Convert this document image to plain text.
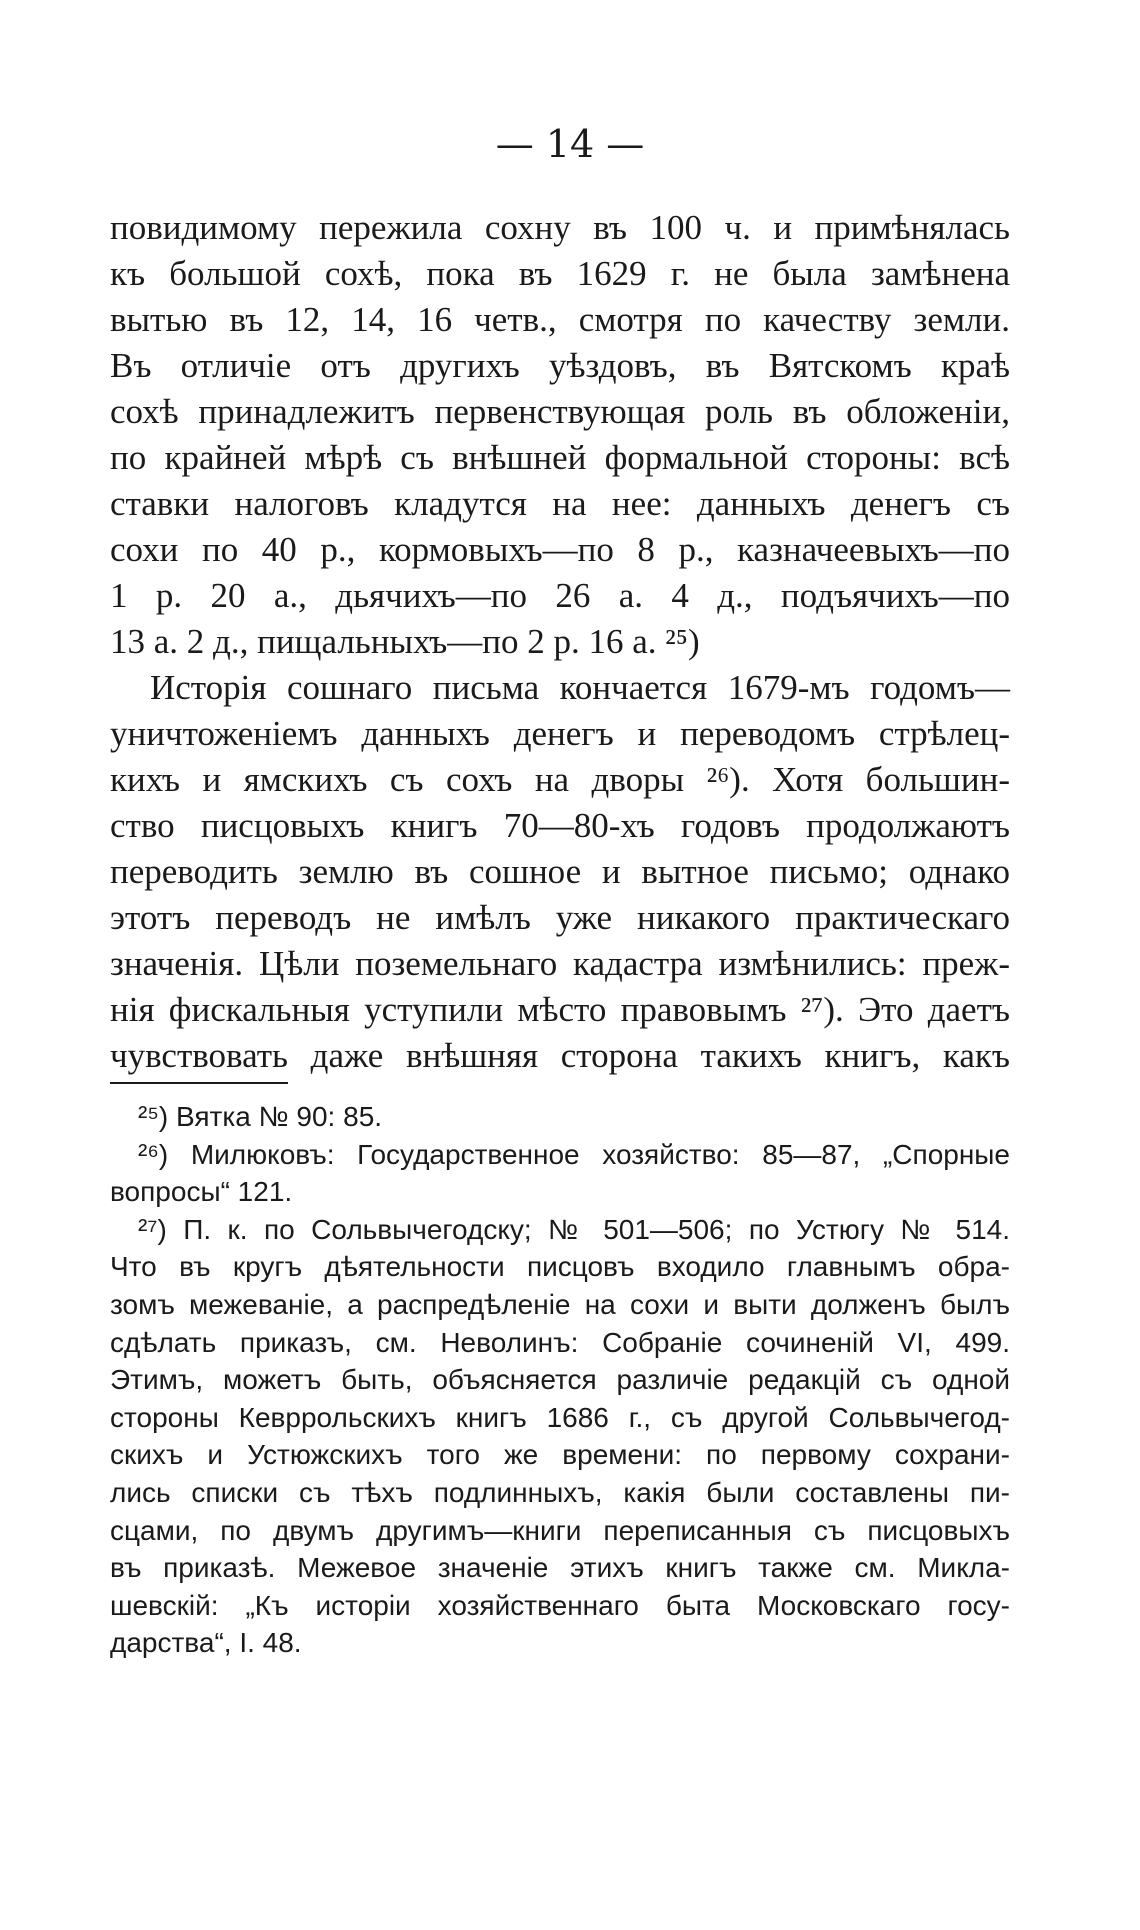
— 14 —
повидимому пережила сохну въ 100 ч. и примѣнялась
къ большой сохѣ, пока въ 1629 г. не была замѣнена
вытью въ 12, 14, 16 четв., смотря по качеству земли.
Въ отличіе отъ другихъ уѣздовъ, въ Вятскомъ краѣ
сохѣ принадлежитъ первенствующая роль въ обложеніи,
по крайней мѣрѣ съ внѣшней формальной стороны: всѣ
ставки налоговъ кладутся на нее: данныхъ денегъ съ
сохи по 40 р., кормовыхъ—по 8 р., казначеевыхъ—по
1 р. 20 а., дьячихъ—по 26 а. 4 д., подъячихъ—по
13 а. 2 д., пищальныхъ—по 2 р. 16 а. ²⁵)
Исторія сошнаго письма кончается 1679-мъ годомъ—
уничтоженіемъ данныхъ денегъ и переводомъ стрѣлец-
кихъ и ямскихъ съ сохъ на дворы ²⁶). Хотя большин-
ство писцовыхъ книгъ 70—80-хъ годовъ продолжаютъ
переводить землю въ сошное и вытное письмо; однако
этотъ переводъ не имѣлъ уже никакого практическаго
значенія. Цѣли поземельнаго кадастра измѣнились: преж-
нія фискальныя уступили мѣсто правовымъ ²⁷). Это даетъ
чувствовать даже внѣшняя сторона такихъ книгъ, какъ
²⁵) Вятка № 90: 85.
²⁶) Милюковъ: Государственное хозяйство: 85—87, „Спорные
вопросы“ 121.
²⁷) П. к. по Сольвычегодску; № 501—506; по Устюгу № 514.
Что въ кругъ дѣятельности писцовъ входило главнымъ обра-
зомъ межеваніе, а распредѣленіе на сохи и выти долженъ былъ
сдѣлать приказъ, см. Неволинъ: Собраніе сочиненій VI, 499.
Этимъ, можетъ быть, объясняется различіе редакцій съ одной
стороны Кевррольскихъ книгъ 1686 г., съ другой Сольвычегод-
скихъ и Устюжскихъ того же времени: по первому сохрани-
лись списки съ тѣхъ подлинныхъ, какія были составлены пи-
сцами, по двумъ другимъ—книги переписанныя съ писцовыхъ
въ приказѣ. Межевое значеніе этихъ книгъ также см. Микла-
шевскій: „Къ исторіи хозяйственнаго быта Московскаго госу-
дарства“, I. 48.
